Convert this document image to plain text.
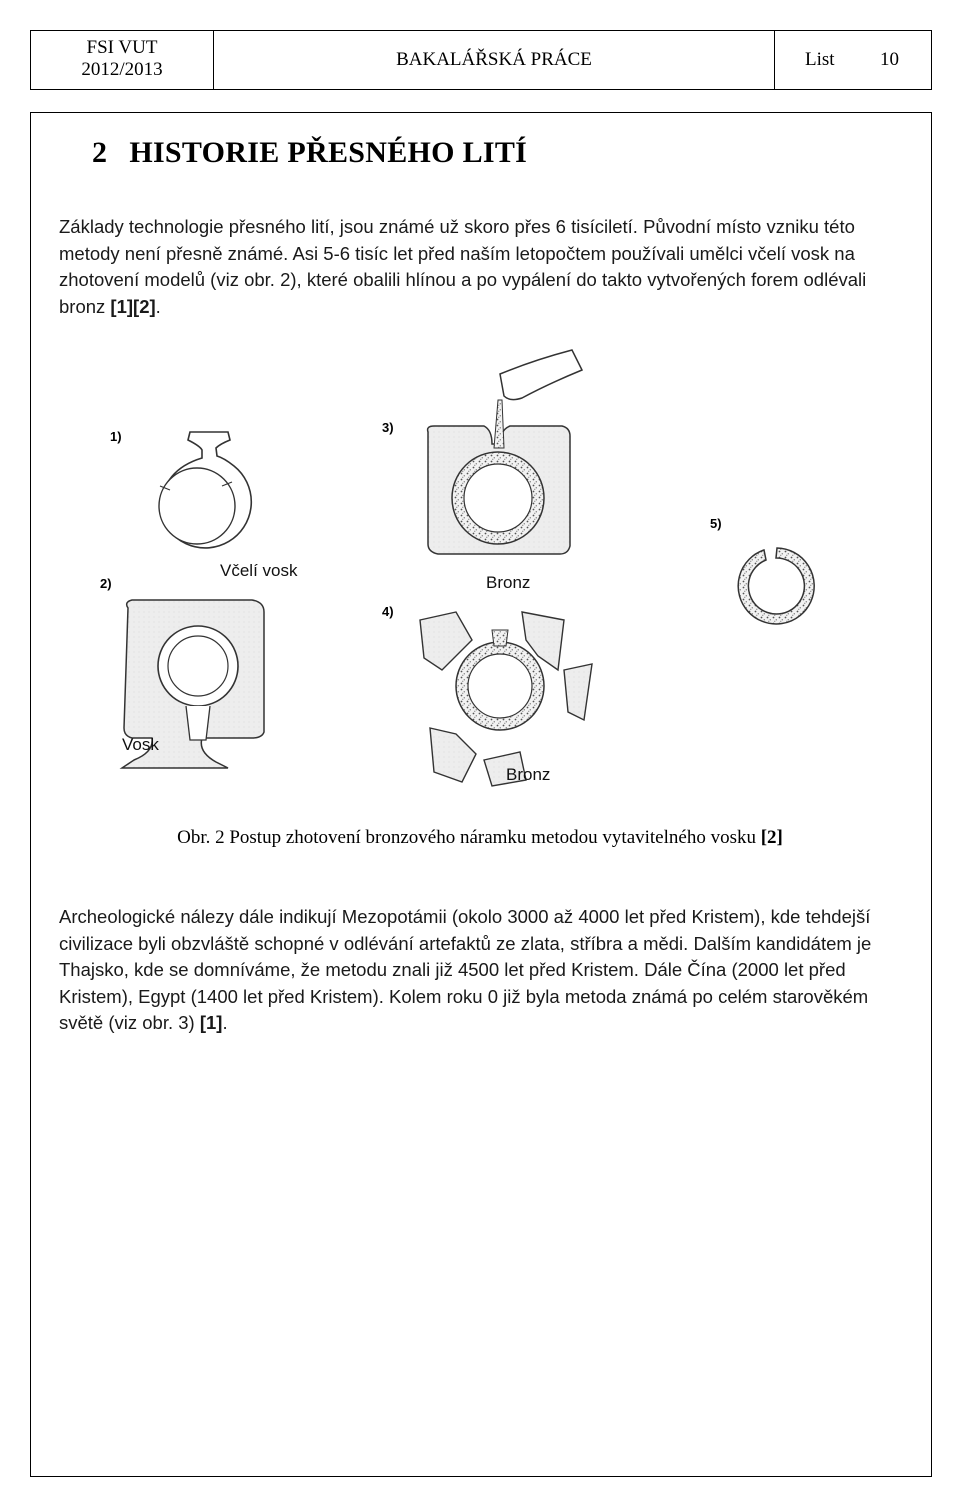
FSI VUT
2012/2013	BAKALÁŘSKÁ PRÁCE	List 10
2 HISTORIE PŘESNÉHO LITÍ
Základy technologie přesného lití, jsou známé už skoro přes 6 tisíciletí. Původní místo vzniku této metody není přesně známé. Asi 5-6 tisíc let před naším letopočtem používali umělci včelí vosk na zhotovení modelů (viz obr. 2), které obalili hlínou a po vypálení do takto vytvořených forem odlévali bronz [1][2].
1)
2)
3)
4)
5)
Včelí vosk
Bronz
Vosk
Bronz
Obr. 2 Postup zhotovení bronzového náramku metodou vytavitelného vosku [2]
Archeologické nálezy dále indikují Mezopotámii (okolo 3000 až 4000 let před Kristem), kde tehdejší civilizace byli obzvláště schopné v odlévání artefaktů ze zlata, stříbra a mědi. Dalším kandidátem je Thajsko, kde se domníváme, že metodu znali již 4500 let před Kristem. Dále Čína (2000 let před Kristem), Egypt (1400 let před Kristem). Kolem roku 0 již byla metoda známá po celém starověkém světě (viz obr. 3) [1].
